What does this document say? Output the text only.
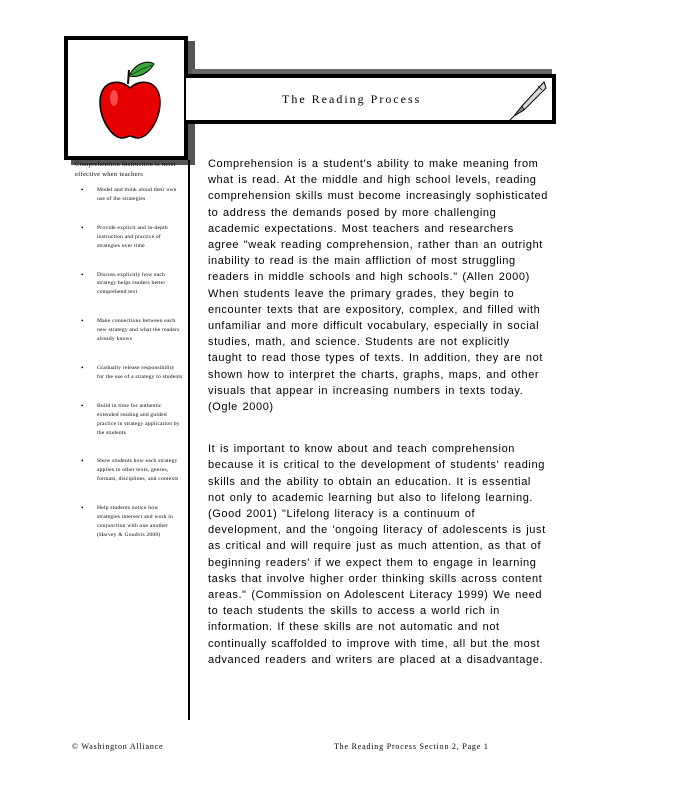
The Reading Process

Comprehension instruction is most effective when teachers

• Model and think aloud their own use of the strategies
• Provide explicit and in-depth instruction and practice of strategies over time
• Discuss explicitly how each strategy helps readers better comprehend text
• Make connections between each new strategy and what the readers already knows
• Gradually release responsibility for the use of a strategy to students
• Build in time for authentic extended reading and guided practice in strategy application by the students
• Show students how each strategy applies to other texts, genres, formats, disciplines, and contexts
• Help students notice how strategies intersect and work in conjunction with one another (Harvey & Goudvis 2000)

Comprehension is a student's ability to make meaning from what is read. At the middle and high school levels, reading comprehension skills must become increasingly sophisticated to address the demands posed by more challenging academic expectations. Most teachers and researchers agree "weak reading comprehension, rather than an outright inability to read is the main affliction of most struggling readers in middle schools and high schools." (Allen 2000) When students leave the primary grades, they begin to encounter texts that are expository, complex, and filled with unfamiliar and more difficult vocabulary, especially in social studies, math, and science. Students are not explicitly taught to read those types of texts. In addition, they are not shown how to interpret the charts, graphs, maps, and other visuals that appear in increasing numbers in texts today. (Ogle 2000)

It is important to know about and teach comprehension because it is critical to the development of students' reading skills and the ability to obtain an education. It is essential not only to academic learning but also to lifelong learning. (Good 2001) "Lifelong literacy is a continuum of development, and the 'ongoing literacy of adolescents is just as critical and will require just as much attention, as that of beginning readers' if we expect them to engage in learning tasks that involve higher order thinking skills across content areas." (Commission on Adolescent Literacy 1999) We need to teach students the skills to access a world rich in information. If these skills are not automatic and not continually scaffolded to improve with time, all but the most advanced readers and writers are placed at a disadvantage.

© Washington Alliance	The Reading Process Section 2, Page 1
